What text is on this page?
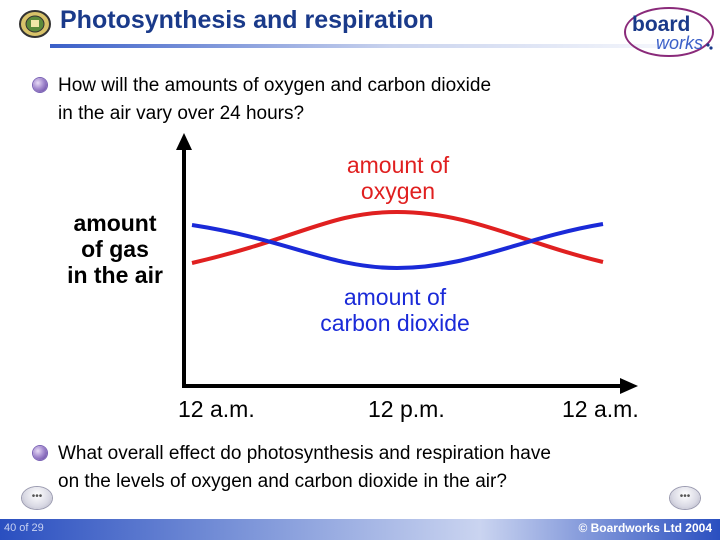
Photosynthesis and respiration	board
works
How will the amounts of oxygen and carbon dioxide
in the air vary over 24 hours?
amount
of gas
in the air
amount of
oxygen
amount of
carbon dioxide
12 a.m.	12 p.m.	12 a.m.
What overall effect do photosynthesis and respiration have
on the levels of oxygen and carbon dioxide in the air?
•••	•••
40 of 29	© Boardworks Ltd 2004
